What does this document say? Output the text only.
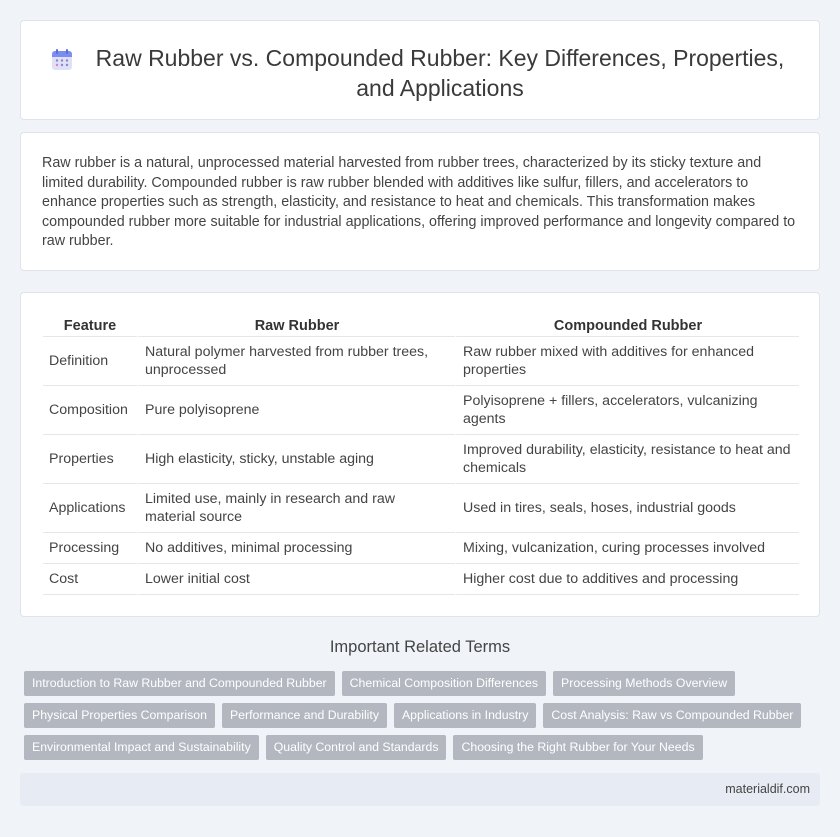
Raw Rubber vs. Compounded Rubber: Key Differences, Properties, and Applications

Raw rubber is a natural, unprocessed material harvested from rubber trees, characterized by its sticky texture and limited durability. Compounded rubber is raw rubber blended with additives like sulfur, fillers, and accelerators to enhance properties such as strength, elasticity, and resistance to heat and chemicals. This transformation makes compounded rubber more suitable for industrial applications, offering improved performance and longevity compared to raw rubber.

Feature	Raw Rubber	Compounded Rubber
Definition	Natural polymer harvested from rubber trees, unprocessed	Raw rubber mixed with additives for enhanced properties
Composition	Pure polyisoprene	Polyisoprene + fillers, accelerators, vulcanizing agents
Properties	High elasticity, sticky, unstable aging	Improved durability, elasticity, resistance to heat and chemicals
Applications	Limited use, mainly in research and raw material source	Used in tires, seals, hoses, industrial goods
Processing	No additives, minimal processing	Mixing, vulcanization, curing processes involved
Cost	Lower initial cost	Higher cost due to additives and processing
Important Related Terms
Introduction to Raw Rubber and Compounded Rubber	Chemical Composition Differences	Processing Methods Overview
Physical Properties Comparison	Performance and Durability	Applications in Industry	Cost Analysis: Raw vs Compounded Rubber
Environmental Impact and Sustainability	Quality Control and Standards	Choosing the Right Rubber for Your Needs
materialdif.com
